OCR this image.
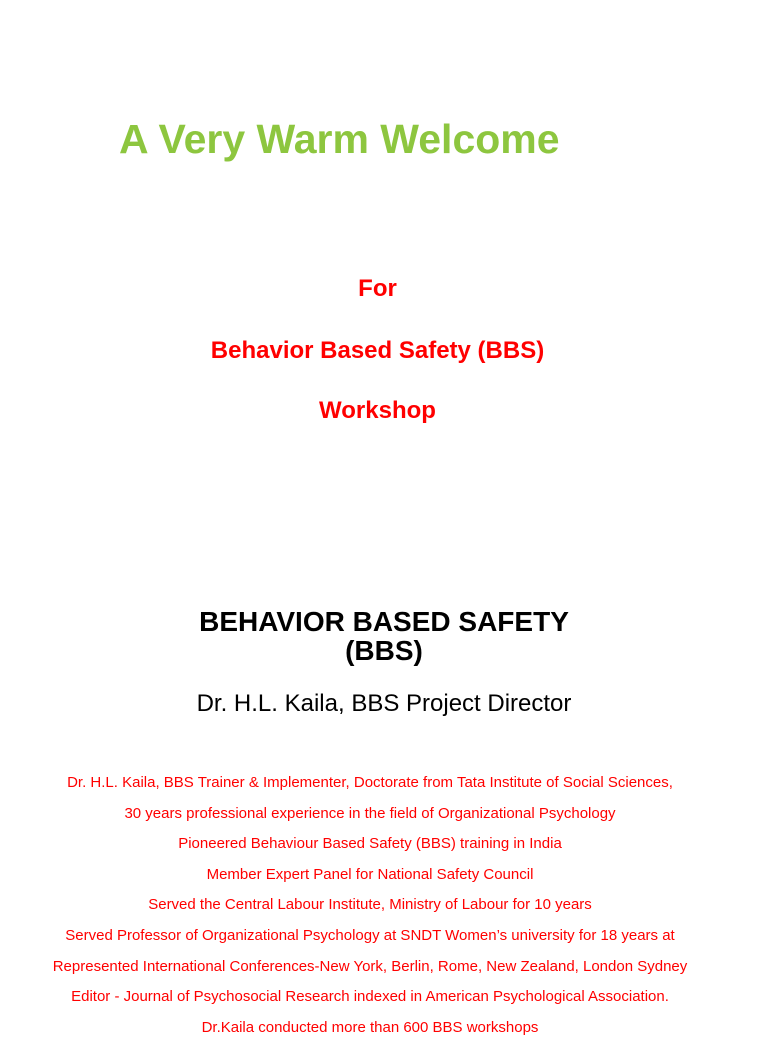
A Very Warm Welcome

For

Behavior Based Safety (BBS)

Workshop

BEHAVIOR BASED SAFETY
(BBS)

Dr. H.L. Kaila, BBS Project Director

Dr. H.L. Kaila, BBS Trainer & Implementer, Doctorate from Tata Institute of Social Sciences,
30 years professional experience in the field of Organizational Psychology
Pioneered Behaviour Based Safety (BBS) training in India
Member Expert Panel for National Safety Council
Served the Central Labour Institute, Ministry of Labour for 10 years
Served Professor of Organizational Psychology at SNDT Women’s university for 18 years at
Represented International Conferences-New York, Berlin, Rome, New Zealand, London Sydney
Editor - Journal of Psychosocial Research indexed in American Psychological Association.
Dr.Kaila conducted more than 600 BBS workshops
